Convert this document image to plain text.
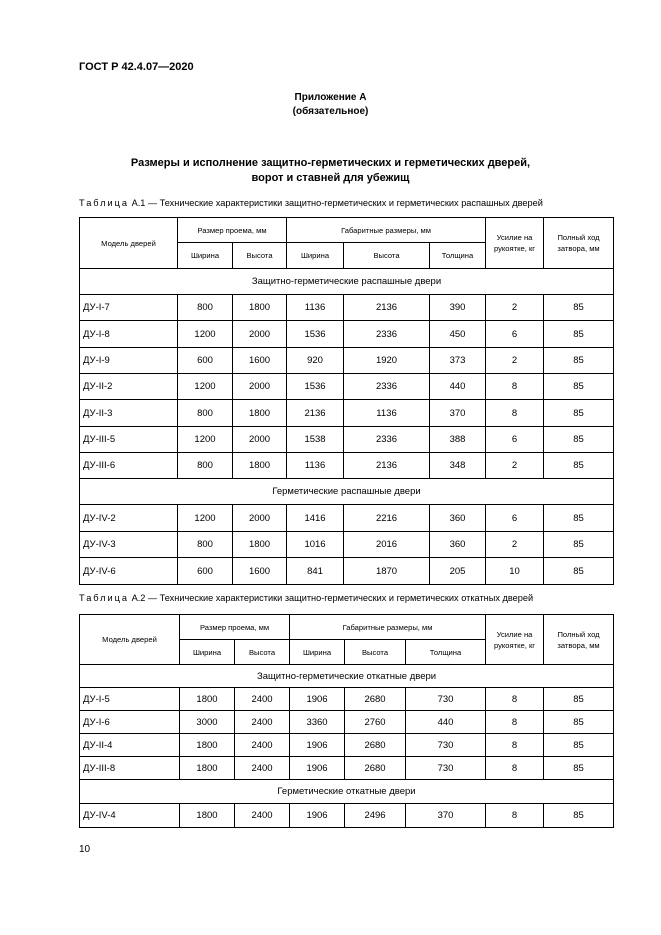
ГОСТ Р 42.4.07—2020
Приложение А
(обязательное)
Размеры и исполнение защитно-герметических и герметических дверей,
ворот и ставней для убежищ
Таблица А.1 — Технические характеристики защитно-герметических и герметических распашных дверей
Модель дверей	Размер проема, мм		Габаритные размеры, мм			Усилие на рукоятке, кг	Полный ход затвора, мм
	Ширина	Высота	Ширина	Высота	Толщина		
Защитно-герметические распашные двери							
ДУ-I-7	800	1800	1136	2136	390	2	85
ДУ-I-8	1200	2000	1536	2336	450	6	85
ДУ-I-9	600	1600	920	1920	373	2	85
ДУ-II-2	1200	2000	1536	2336	440	8	85
ДУ-II-3	800	1800	2136	1136	370	8	85
ДУ-III-5	1200	2000	1538	2336	388	6	85
ДУ-III-6	800	1800	1136	2136	348	2	85
Герметические распашные двери							
ДУ-IV-2	1200	2000	1416	2216	360	6	85
ДУ-IV-3	800	1800	1016	2016	360	2	85
ДУ-IV-6	600	1600	841	1870	205	10	85
Таблица А.2 — Технические характеристики защитно-герметических и герметических откатных дверей
Модель дверей	Размер проема, мм		Габаритные размеры, мм			Усилие на рукоятке, кг	Полный ход затвора, мм
	Ширина	Высота	Ширина	Высота	Толщина		
Защитно-герметические откатные двери							
ДУ-I-5	1800	2400	1906	2680	730	8	85
ДУ-I-6	3000	2400	3360	2760	440	8	85
ДУ-II-4	1800	2400	1906	2680	730	8	85
ДУ-III-8	1800	2400	1906	2680	730	8	85
Герметические откатные двери							
ДУ-IV-4	1800	2400	1906	2496	370	8	85
10
